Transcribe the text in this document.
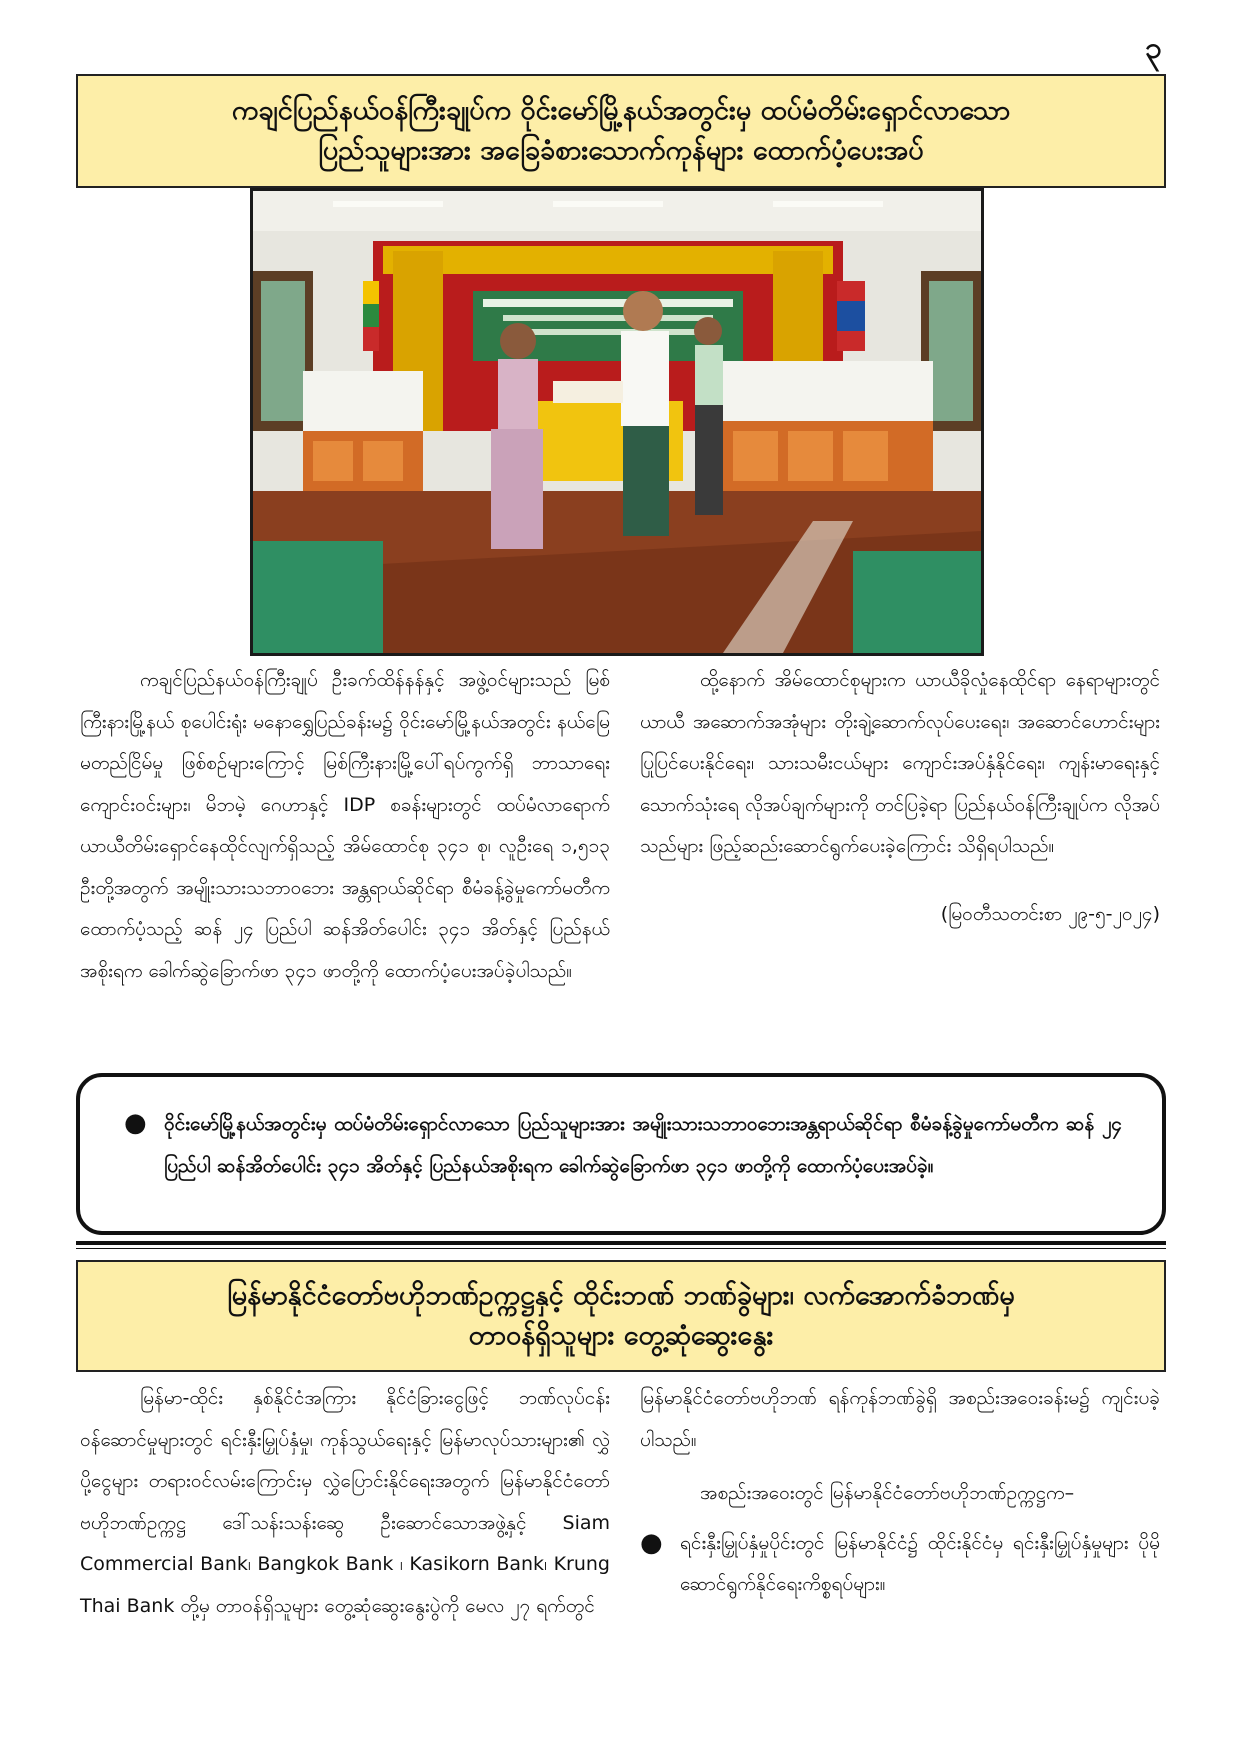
၃
ကချင်ပြည်နယ်ဝန်ကြီးချုပ်က ဝိုင်းမော်မြို့နယ်အတွင်းမှ ထပ်မံတိမ်းရှောင်လာသော
ပြည်သူများအား အခြေခံစားသောက်ကုန်များ ထောက်ပံ့ပေးအပ်

ကချင်ပြည်နယ်ဝန်ကြီးချုပ် ဦးခက်ထိန်နန်နှင့် အဖွဲ့ဝင်များသည် မြစ်ကြီးနားမြို့နယ် စုပေါင်းရုံး မနောရွှေပြည်ခန်းမ၌ ဝိုင်းမော်မြို့နယ်အတွင်း နယ်မြေမတည်ငြိမ်မှု ဖြစ်စဉ်များကြောင့် မြစ်ကြီးနားမြို့ပေါ်ရပ်ကွက်ရှိ ဘာသာရေးကျောင်းဝင်းများ၊ မိဘမဲ့ ဂေဟာနှင့် IDP စခန်းများတွင် ထပ်မံလာရောက် ယာယီတိမ်းရှောင်နေထိုင်လျက်ရှိသည့် အိမ်ထောင်စု ၃၄၁ စု၊ လူဦးရေ ၁,၅၁၃ ဦးတို့အတွက် အမျိုးသားသဘာဝဘေး အန္တရာယ်ဆိုင်ရာ စီမံခန့်ခွဲမှုကော်မတီက ထောက်ပံ့သည့် ဆန် ၂၄ ပြည်ပါ ဆန်အိတ်ပေါင်း ၃၄၁ အိတ်နှင့် ပြည်နယ်အစိုးရက ခေါက်ဆွဲခြောက်ဖာ ၃၄၁ ဖာတို့ကို ထောက်ပံ့ပေးအပ်ခဲ့ပါသည်။

ထို့နောက် အိမ်ထောင်စုများက ယာယီခိုလှုံနေထိုင်ရာ နေရာများတွင် ယာယီ အဆောက်အအုံများ တိုးချဲ့ဆောက်လုပ်ပေးရေး၊ အဆောင်ဟောင်းများ ပြုပြင်ပေးနိုင်ရေး၊ သားသမီးငယ်များ ကျောင်းအပ်နှံနိုင်ရေး၊ ကျန်းမာရေးနှင့် သောက်သုံးရေ လိုအပ်ချက်များကို တင်ပြခဲ့ရာ ပြည်နယ်ဝန်ကြီးချုပ်က လိုအပ်သည်များ ဖြည့်ဆည်းဆောင်ရွက်ပေးခဲ့ကြောင်း သိရှိရပါသည်။

(မြဝတီသတင်းစာ ၂၉-၅-၂၀၂၄)

● ဝိုင်းမော်မြို့နယ်အတွင်းမှ ထပ်မံတိမ်းရှောင်လာသော ပြည်သူများအား အမျိုးသားသဘာဝဘေးအန္တရာယ်ဆိုင်ရာ စီမံခန့်ခွဲမှုကော်မတီက ဆန် ၂၄ ပြည်ပါ ဆန်အိတ်ပေါင်း ၃၄၁ အိတ်နှင့် ပြည်နယ်အစိုးရက ခေါက်ဆွဲခြောက်ဖာ ၃၄၁ ဖာတို့ကို ထောက်ပံ့ပေးအပ်ခဲ့။
မြန်မာနိုင်ငံတော်ဗဟိုဘဏ်ဥက္ကဋ္ဌနှင့် ထိုင်းဘဏ် ဘဏ်ခွဲများ၊ လက်အောက်ခံဘဏ်မှ
တာဝန်ရှိသူများ တွေ့ဆုံဆွေးနွေး

မြန်မာ-ထိုင်း နှစ်နိုင်ငံအကြား နိုင်ငံခြားငွေဖြင့် ဘဏ်လုပ်ငန်းဝန်ဆောင်မှုများတွင် ရင်းနှီးမြှုပ်နှံမှု၊ ကုန်သွယ်ရေးနှင့် မြန်မာလုပ်သားများ၏ လွှဲပို့ငွေများ တရားဝင်လမ်းကြောင်းမှ လွှဲပြောင်းနိုင်ရေးအတွက် မြန်မာနိုင်ငံတော်ဗဟိုဘဏ်ဥက္ကဋ္ဌ ဒေါ်သန်းသန်းဆွေ ဦးဆောင်သောအဖွဲ့နှင့် Siam Commercial Bank၊ Bangkok Bank ၊ Kasikorn Bank၊ Krung Thai Bank တို့မှ တာဝန်ရှိသူများ တွေ့ဆုံဆွေးနွေးပွဲကို မေလ ၂၇ ရက်တွင်

မြန်မာနိုင်ငံတော်ဗဟိုဘဏ် ရန်ကုန်ဘဏ်ခွဲရှိ အစည်းအဝေးခန်းမ၌ ကျင်းပခဲ့ပါသည်။

အစည်းအဝေးတွင် မြန်မာနိုင်ငံတော်ဗဟိုဘဏ်ဥက္ကဋ္ဌက–

● ရင်းနှီးမြှုပ်နှံမှုပိုင်းတွင် မြန်မာနိုင်ငံ၌ ထိုင်းနိုင်ငံမှ ရင်းနှီးမြှုပ်နှံမှုများ ပိုမိုဆောင်ရွက်နိုင်ရေးကိစ္စရပ်များ။
